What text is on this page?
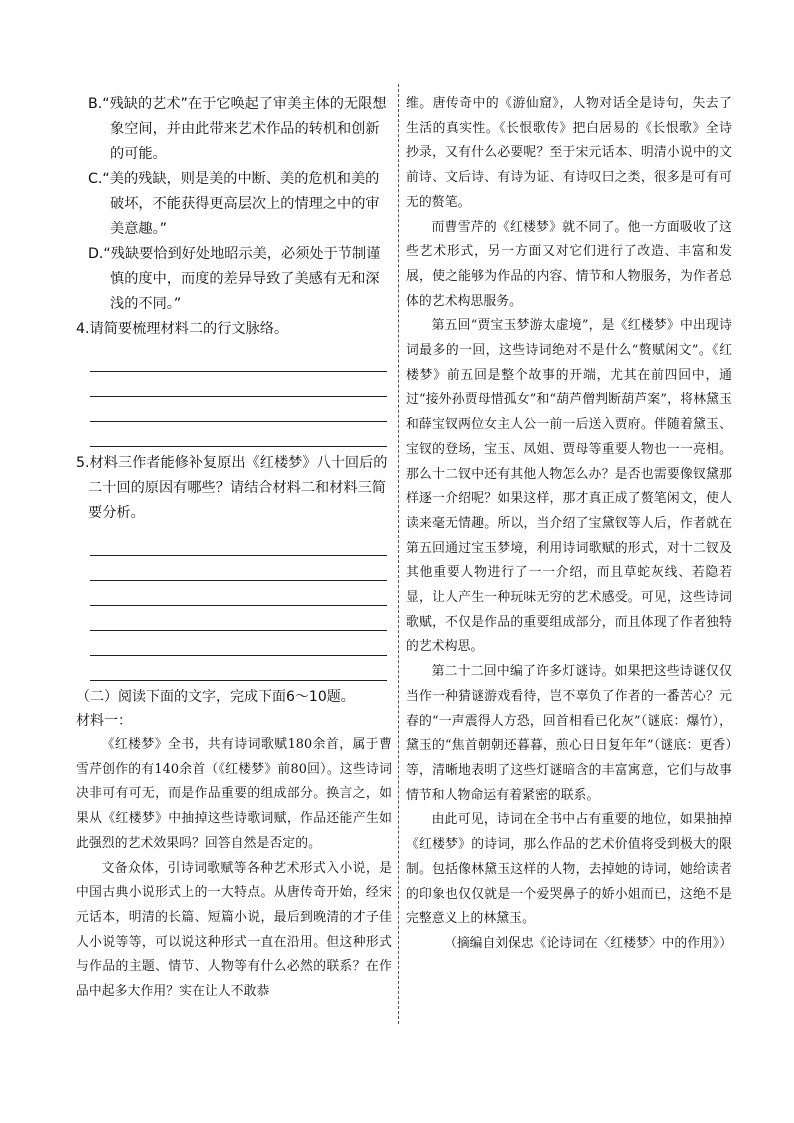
B.“残缺的艺术”在于它唤起了审美主体的无限想象空间，并由此带来艺术作品的转机和创新的可能。

C.“美的残缺，则是美的中断、美的危机和美的破坏，不能获得更高层次上的情理之中的审美意趣。”

D.“残缺要恰到好处地昭示美，必须处于节制谨慎的度中，而度的差异导致了美感有无和深浅的不同。”

4.请简要梳理材料二的行文脉络。

5.材料三作者能修补复原出《红楼梦》八十回后的二十回的原因有哪些？请结合材料二和材料三简要分析。

（二）阅读下面的文字，完成下面6～10题。

材料一：

《红楼梦》全书，共有诗词歌赋180余首，属于曹雪芹创作的有140余首（《红楼梦》前80回）。这些诗词决非可有可无，而是作品重要的组成部分。换言之，如果从《红楼梦》中抽掉这些诗歌词赋，作品还能产生如此强烈的艺术效果吗？回答自然是否定的。

文备众体，引诗词歌赋等各种艺术形式入小说，是中国古典小说形式上的一大特点。从唐传奇开始，经宋元话本，明清的长篇、短篇小说，最后到晚清的才子佳人小说等等，可以说这种形式一直在沿用。但这种形式与作品的主题、情节、人物等有什么必然的联系？在作品中起多大作用？实在让人不敢恭

维。唐传奇中的《游仙窟》，人物对话全是诗句，失去了生活的真实性。《长恨歌传》把白居易的《长恨歌》全诗抄录，又有什么必要呢？至于宋元话本、明清小说中的文前诗、文后诗、有诗为证、有诗叹曰之类，很多是可有可无的赘笔。

而曹雪芹的《红楼梦》就不同了。他一方面吸收了这些艺术形式，另一方面又对它们进行了改造、丰富和发展，使之能够为作品的内容、情节和人物服务，为作者总体的艺术构思服务。

第五回“贾宝玉梦游太虚境”，是《红楼梦》中出现诗词最多的一回，这些诗词绝对不是什么“赘赋闲文”。《红楼梦》前五回是整个故事的开端，尤其在前四回中，通过“接外孙贾母惜孤女”和“葫芦僧判断葫芦案”，将林黛玉和薛宝钗两位女主人公一前一后送入贾府。伴随着黛玉、宝钗的登场，宝玉、凤姐、贾母等重要人物也一一亮相。那么十二钗中还有其他人物怎么办？是否也需要像钗黛那样逐一介绍呢？如果这样，那才真正成了赘笔闲文，使人读来毫无情趣。所以，当介绍了宝黛钗等人后，作者就在第五回通过宝玉梦境，利用诗词歌赋的形式，对十二钗及其他重要人物进行了一一介绍，而且草蛇灰线、若隐若显，让人产生一种玩味无穷的艺术感受。可见，这些诗词歌赋，不仅是作品的重要组成部分，而且体现了作者独特的艺术构思。

第二十二回中编了许多灯谜诗。如果把这些诗谜仅仅当作一种猜谜游戏看待，岂不辜负了作者的一番苦心？元春的“一声震得人方恐，回首相看已化灰”（谜底：爆竹），黛玉的“焦首朝朝还暮暮，煎心日日复年年”（谜底：更香）等，清晰地表明了这些灯谜暗含的丰富寓意，它们与故事情节和人物命运有着紧密的联系。

由此可见，诗词在全书中占有重要的地位，如果抽掉《红楼梦》的诗词，那么作品的艺术价值将受到极大的限制。包括像林黛玉这样的人物，去掉她的诗词，她给读者的印象也仅仅就是一个爱哭鼻子的娇小姐而已，这绝不是完整意义上的林黛玉。

（摘编自刘保忠《论诗词在〈红楼梦〉中的作用》）
